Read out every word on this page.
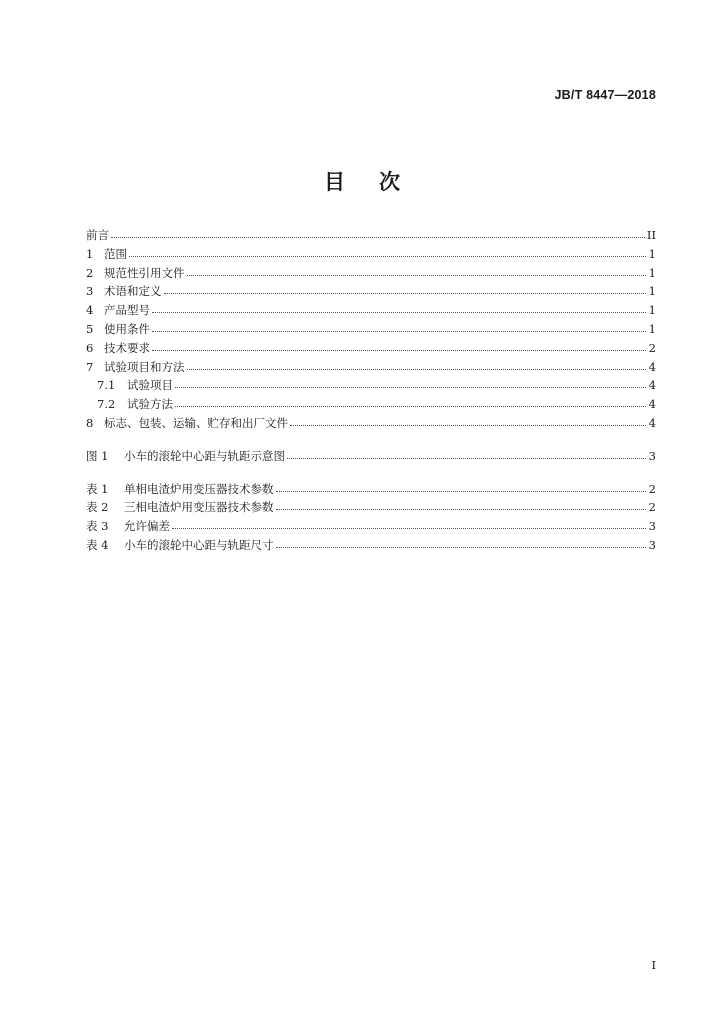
JB/T 8447—2018
目次
前言	II
1 范围	1
2 规范性引用文件	1
3 术语和定义	1
4 产品型号	1
5 使用条件	1
6 技术要求	2
7 试验项目和方法	4
7.1	试验项目	4
7.2	试验方法	4
8 标志、包装、运输、贮存和出厂文件	4
图 1	小车的滚轮中心距与轨距示意图	3
表 1	单相电渣炉用变压器技术参数	2
表 2	三相电渣炉用变压器技术参数	2
表 3	允许偏差	3
表 4	小车的滚轮中心距与轨距尺寸	3
I
